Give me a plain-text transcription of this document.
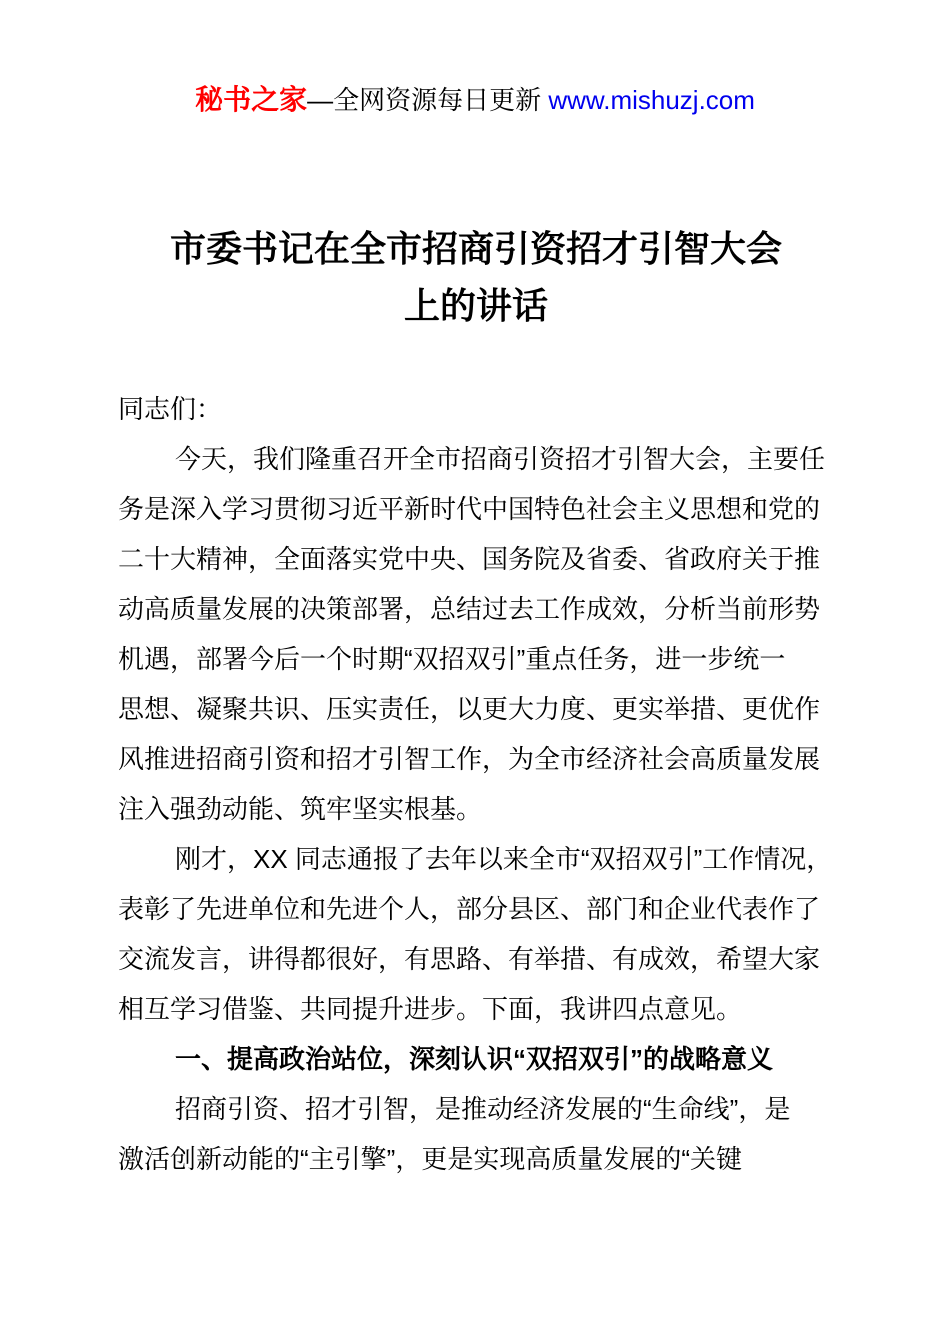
秘书之家—全网资源每日更新 www.mishuzj.com
市委书记在全市招商引资招才引智大会
上的讲话
同志们：
今天，我们隆重召开全市招商引资招才引智大会，主要任
务是深入学习贯彻习近平新时代中国特色社会主义思想和党的
二十大精神，全面落实党中央、国务院及省委、省政府关于推
动高质量发展的决策部署，总结过去工作成效，分析当前形势
机遇，部署今后一个时期“双招双引”重点任务，进一步统一
思想、凝聚共识、压实责任，以更大力度、更实举措、更优作
风推进招商引资和招才引智工作，为全市经济社会高质量发展
注入强劲动能、筑牢坚实根基。
刚才，XX 同志通报了去年以来全市“双招双引”工作情况，
表彰了先进单位和先进个人，部分县区、部门和企业代表作了
交流发言，讲得都很好，有思路、有举措、有成效，希望大家
相互学习借鉴、共同提升进步。下面，我讲四点意见。
一、提高政治站位，深刻认识“双招双引”的战略意义
招商引资、招才引智，是推动经济发展的“生命线”，是
激活创新动能的“主引擎”，更是实现高质量发展的“关键
